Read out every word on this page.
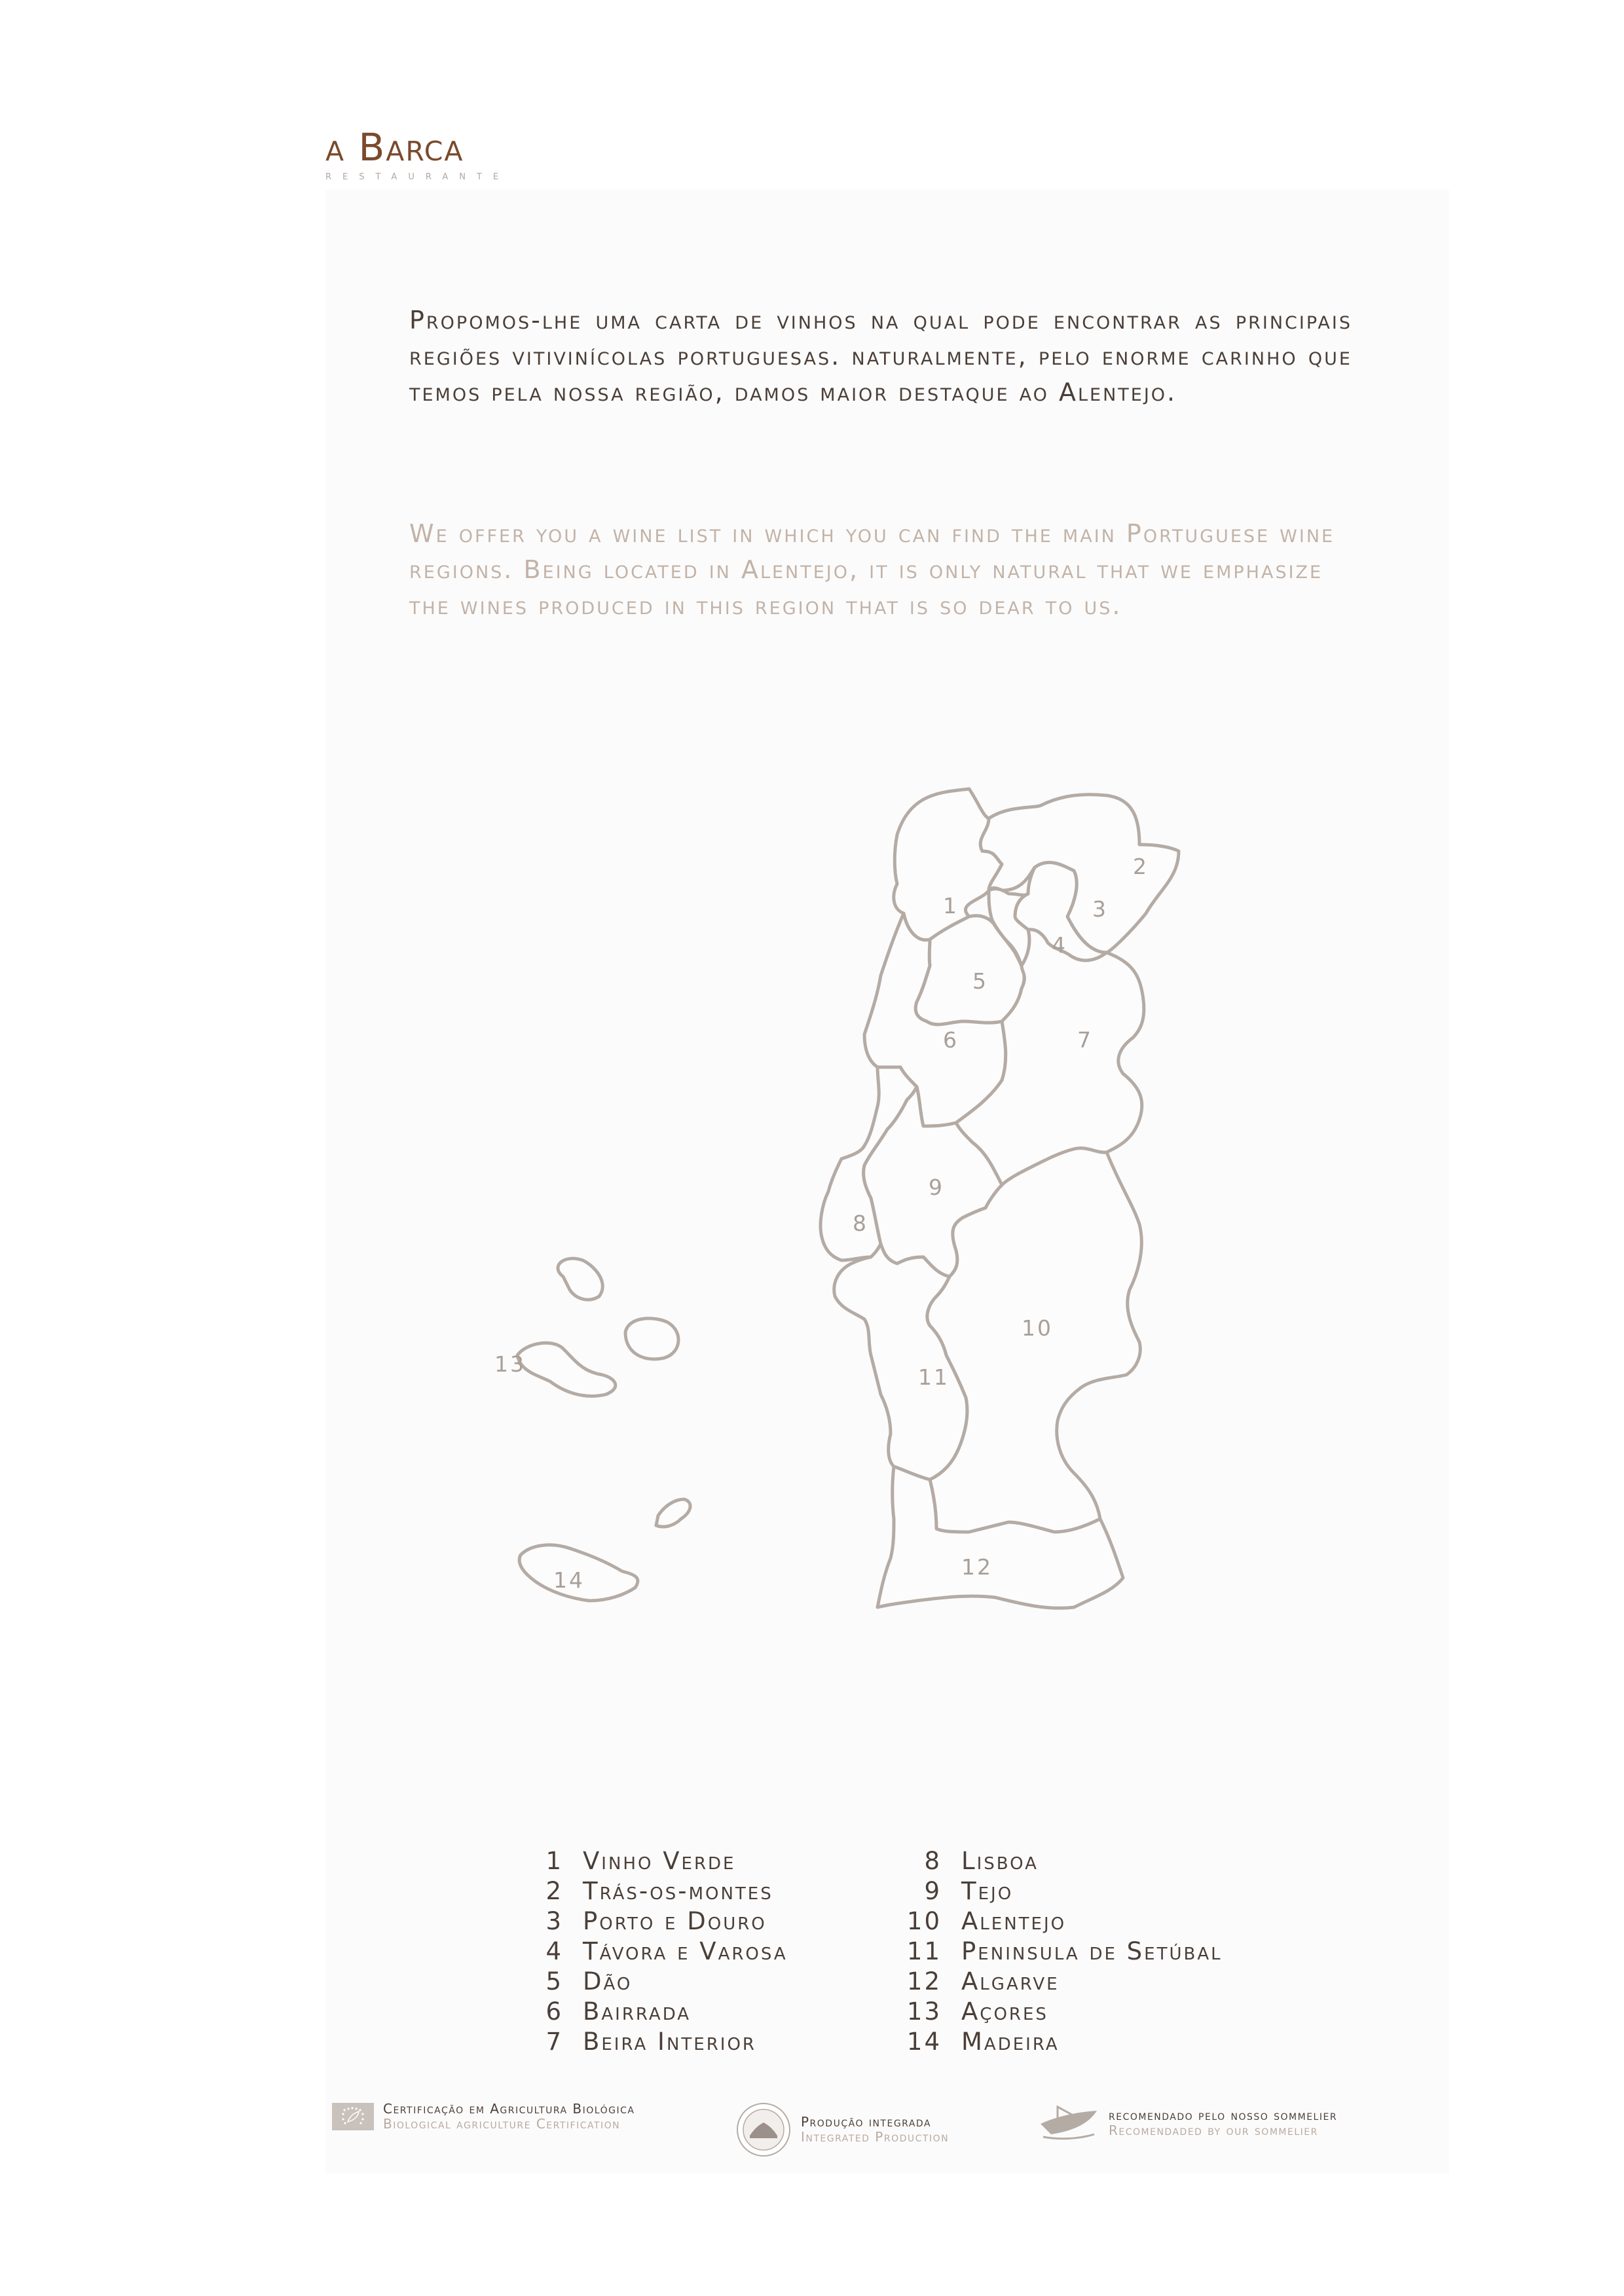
a Barca
restaurante
Propomos-lhe uma carta de vinhos na qual pode encontrar as principais regiões vitivinícolas portuguesas. naturalmente, pelo enorme carinho que temos pela nossa região, damos maior destaque ao Alentejo.
We offer you a wine list in which you can find the main Portuguese wine regions. Being located in Alentejo, it is only natural that we emphasize the wines produced in this region that is so dear to us.
1
2
3
4
5
6	7
8
9
10
11
12
13
14
1 Vinho Verde
2 Trás-os-montes
3 Porto e Douro
4 Távora e Varosa
5 Dão
6 Bairrada
7 Beira Interior
8 Lisboa
9 Tejo
10 Alentejo
11 Peninsula de Setúbal
12 Algarve
13 Açores
14 Madeira
Certificação em Agricultura Biológica
Biological agriculture Certification	Produção integrada
Integrated Production
recomendado pelo nosso sommelier
Recomendaded by our sommelier
